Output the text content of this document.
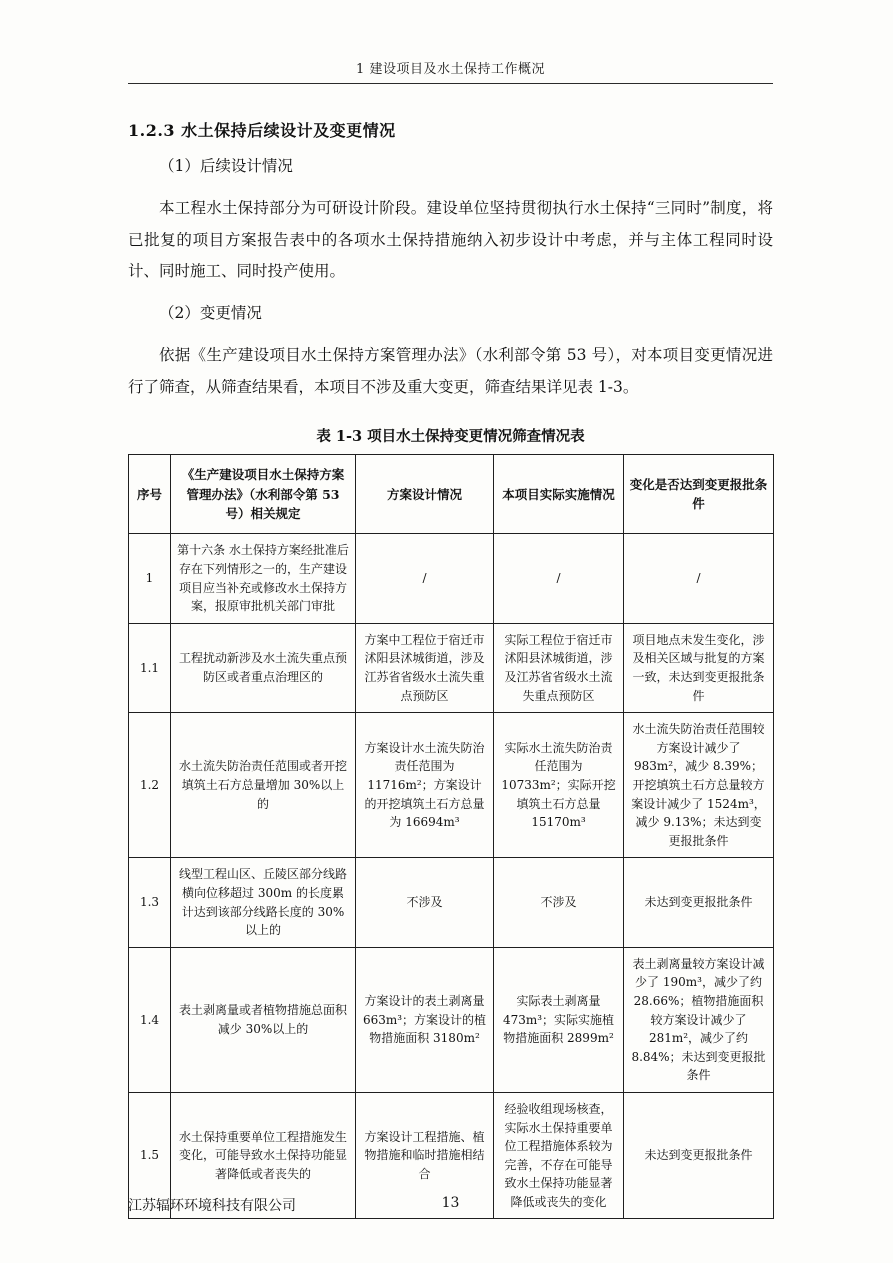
1 建设项目及水土保持工作概况
1.2.3 水土保持后续设计及变更情况

（1）后续设计情况

本工程水土保持部分为可研设计阶段。建设单位坚持贯彻执行水土保持“三同时”制度，将已批复的项目方案报告表中的各项水土保持措施纳入初步设计中考虑，并与主体工程同时设计、同时施工、同时投产使用。

（2）变更情况

依据《生产建设项目水土保持方案管理办法》（水利部令第 53 号），对本项目变更情况进行了筛查，从筛查结果看，本项目不涉及重大变更，筛查结果详见表 1-3。

表 1-3 项目水土保持变更情况筛查情况表
序号	《生产建设项目水土保持方案管理办法》（水利部令第 53 号）相关规定	方案设计情况	本项目实际实施情况	变化是否达到变更报批条件
1	第十六条 水土保持方案经批准后存在下列情形之一的，生产建设项目应当补充或修改水土保持方案，报原审批机关部门审批	/	/	/
1.1	工程扰动新涉及水土流失重点预防区或者重点治理区的	方案中工程位于宿迁市沭阳县沭城街道，涉及江苏省省级水土流失重点预防区	实际工程位于宿迁市沭阳县沭城街道，涉及江苏省省级水土流失重点预防区	项目地点未发生变化，涉及相关区域与批复的方案一致，未达到变更报批条件
1.2	水土流失防治责任范围或者开挖填筑土石方总量增加 30%以上的	方案设计水土流失防治责任范围为 11716m²；方案设计的开挖填筑土石方总量为 16694m³	实际水土流失防治责任范围为 10733m²；实际开挖填筑土石方总量 15170m³	水土流失防治责任范围较方案设计减少了 983m²，减少 8.39%；开挖填筑土石方总量较方案设计减少了 1524m³，减少 9.13%；未达到变更报批条件
1.3	线型工程山区、丘陵区部分线路横向位移超过 300m 的长度累计达到该部分线路长度的 30%以上的	不涉及	不涉及	未达到变更报批条件
1.4	表土剥离量或者植物措施总面积减少 30%以上的	方案设计的表土剥离量 663m³；方案设计的植物措施面积 3180m²	实际表土剥离量 473m³；实际实施植物措施面积 2899m²	表土剥离量较方案设计减少了 190m³，减少了约 28.66%；植物措施面积较方案设计减少了 281m²，减少了约 8.84%；未达到变更报批条件
1.5	水土保持重要单位工程措施发生变化，可能导致水土保持功能显著降低或者丧失的	方案设计工程措施、植物措施和临时措施相结合	经验收组现场核查，实际水土保持重要单位工程措施体系较为完善，不存在可能导致水土保持功能显著降低或丧失的变化	未达到变更报批条件
江苏辐环环境科技有限公司	13
